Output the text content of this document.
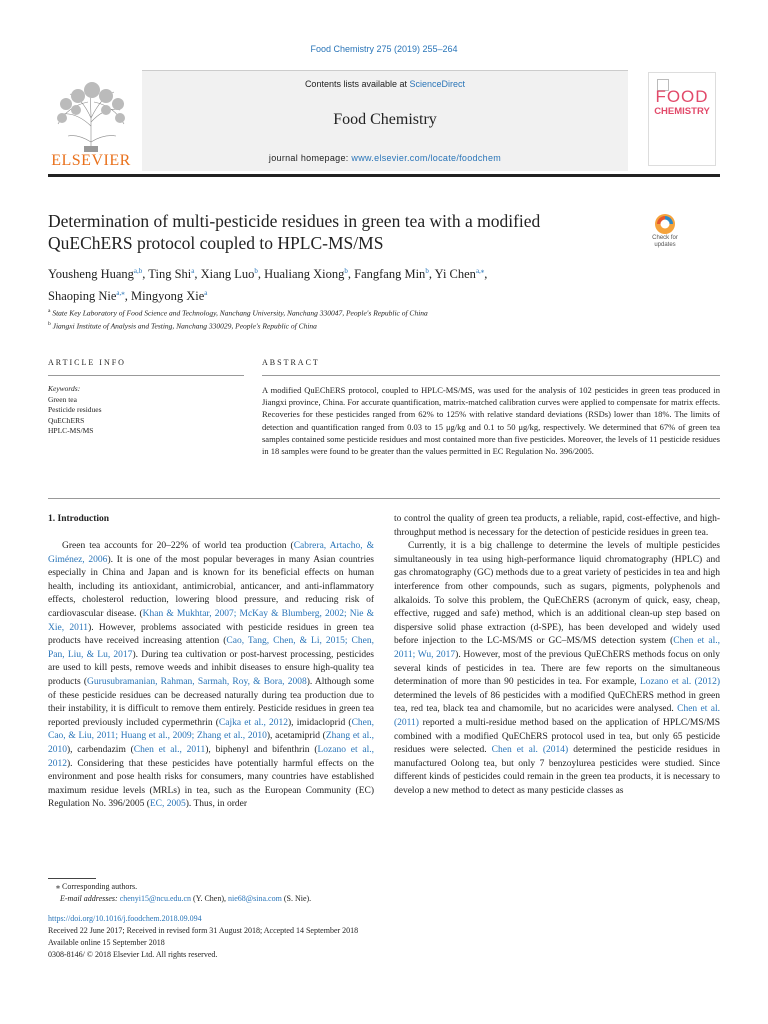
Food Chemistry 275 (2019) 255–264
ELSEVIER
Contents lists available at ScienceDirect
Food Chemistry
journal homepage: www.elsevier.com/locate/foodchem
FOOD
CHEMISTRY
Determination of multi-pesticide residues in green tea with a modified QuEChERS protocol coupled to HPLC-MS/MS	Check for
updates
Yousheng Huang$^{a,b}$, Ting Shi$^a$, Xiang Luo$^b$, Hualiang Xiong$^b$, Fangfang Min$^b$, Yi Chen$^{a,⁎}$,
Shaoping Nie$^{a,⁎}$, Mingyong Xie$^a$
$^a$ State Key Laboratory of Food Science and Technology, Nanchang University, Nanchang 330047, People's Republic of China
$^b$ Jiangxi Institute of Analysis and Testing, Nanchang 330029, People's Republic of China
ARTICLE INFO	ABSTRACT
Keywords:
Green tea
Pesticide residues
QuEChERS
HPLC-MS/MS
A modified QuEChERS protocol, coupled to HPLC-MS/MS, was used for the analysis of 102 pesticides in green teas produced in Jiangxi province, China. For accurate quantification, matrix-matched calibration curves were applied to compensate for matrix effects. Recoveries for these pesticides ranged from 62% to 125% with relative standard deviations (RSDs) lower than 18%. The limits of detection and quantification ranged from 0.03 to 15 μg/kg and 0.1 to 50 μg/kg, respectively. We determined that 67% of green tea samples contained some pesticide residues and most contained more than five pesticides. Moreover, the levels of 11 pesticide residues in 18 samples were found to be greater than the values permitted in EC Regulation No. 396/2005.
1. Introduction

Green tea accounts for 20–22% of world tea production (Cabrera, Artacho, & Giménez, 2006). It is one of the most popular beverages in many Asian countries especially in China and Japan and is known for its beneficial effects on human health, including its antioxidant, antimicrobial, anticancer, and anti-inflammatory effects, cholesterol reduction, lowering blood pressure, and reducing risk of cardiovascular disease. (Khan & Mukhtar, 2007; McKay & Blumberg, 2002; Nie & Xie, 2011). However, problems associated with pesticide residues in green tea products have received increasing attention (Cao, Tang, Chen, & Li, 2015; Chen, Pan, Liu, & Lu, 2017). During tea cultivation or post-harvest processing, pesticides are used to kill pests, remove weeds and inhibit diseases to ensure high-quality tea products (Gurusubramanian, Rahman, Sarmah, Roy, & Bora, 2008). Although some of these pesticide residues can be decreased naturally during tea production due to their instability, it is difficult to remove them entirely. Pesticide residues in green tea reported previously included cypermethrin (Cajka et al., 2012), imidacloprid (Chen, Cao, & Liu, 2011; Huang et al., 2009; Zhang et al., 2010), acetamiprid (Zhang et al., 2010), carbendazim (Chen et al., 2011), biphenyl and bifenthrin (Lozano et al., 2012). Considering that these pesticides have potentially harmful effects on the environment and pose health risks for consumers, many countries have established maximum residue levels (MRLs) in tea, such as the European Community (EC) Regulation No. 396/2005 (EC, 2005). Thus, in order

to control the quality of green tea products, a reliable, rapid, cost-effective, and high-throughput method is necessary for the detection of pesticide residues in green tea.

Currently, it is a big challenge to determine the levels of multiple pesticides simultaneously in tea using high-performance liquid chromatography (HPLC) and gas chromatography (GC) methods due to a great variety of pesticides in tea and high interference from other compounds, such as sugars, pigments, polyphenols and alkaloids. To solve this problem, the QuEChERS (acronym of quick, easy, cheap, effective, rugged and safe) method, which is an additional clean-up step based on dispersive solid phase extraction (d-SPE), has been developed and widely used before injection to the LC-MS/MS or GC–MS/MS detection system (Chen et al., 2011; Wu, 2017). However, most of the previous QuEChERS methods focus on only several kinds of pesticides in tea. There are few reports on the simultaneous determination of more than 90 pesticides in tea. For example, Lozano et al. (2012) determined the levels of 86 pesticides with a modified QuEChERS method in green tea, red tea, black tea and chamomile, but no acaricides were analysed. Chen et al. (2011) reported a multi-residue method based on the application of HPLC/MS/MS combined with a modified QuEChERS protocol used in tea, but only 65 pesticide residues were selected. Chen et al. (2014) determined the pesticide residues in manufactured Oolong tea, but only 7 benzoylurea pesticides were studied. Since different kinds of pesticides could remain in the green tea products, it is necessary to develop a new method to detect as many pesticide classes as

⁎ Corresponding authors.
E-mail addresses: chenyi15@ncu.edu.cn (Y. Chen), nie68@sina.com (S. Nie).
https://doi.org/10.1016/j.foodchem.2018.09.094
Received 22 June 2017; Received in revised form 31 August 2018; Accepted 14 September 2018
Available online 15 September 2018
0308-8146/ © 2018 Elsevier Ltd. All rights reserved.
